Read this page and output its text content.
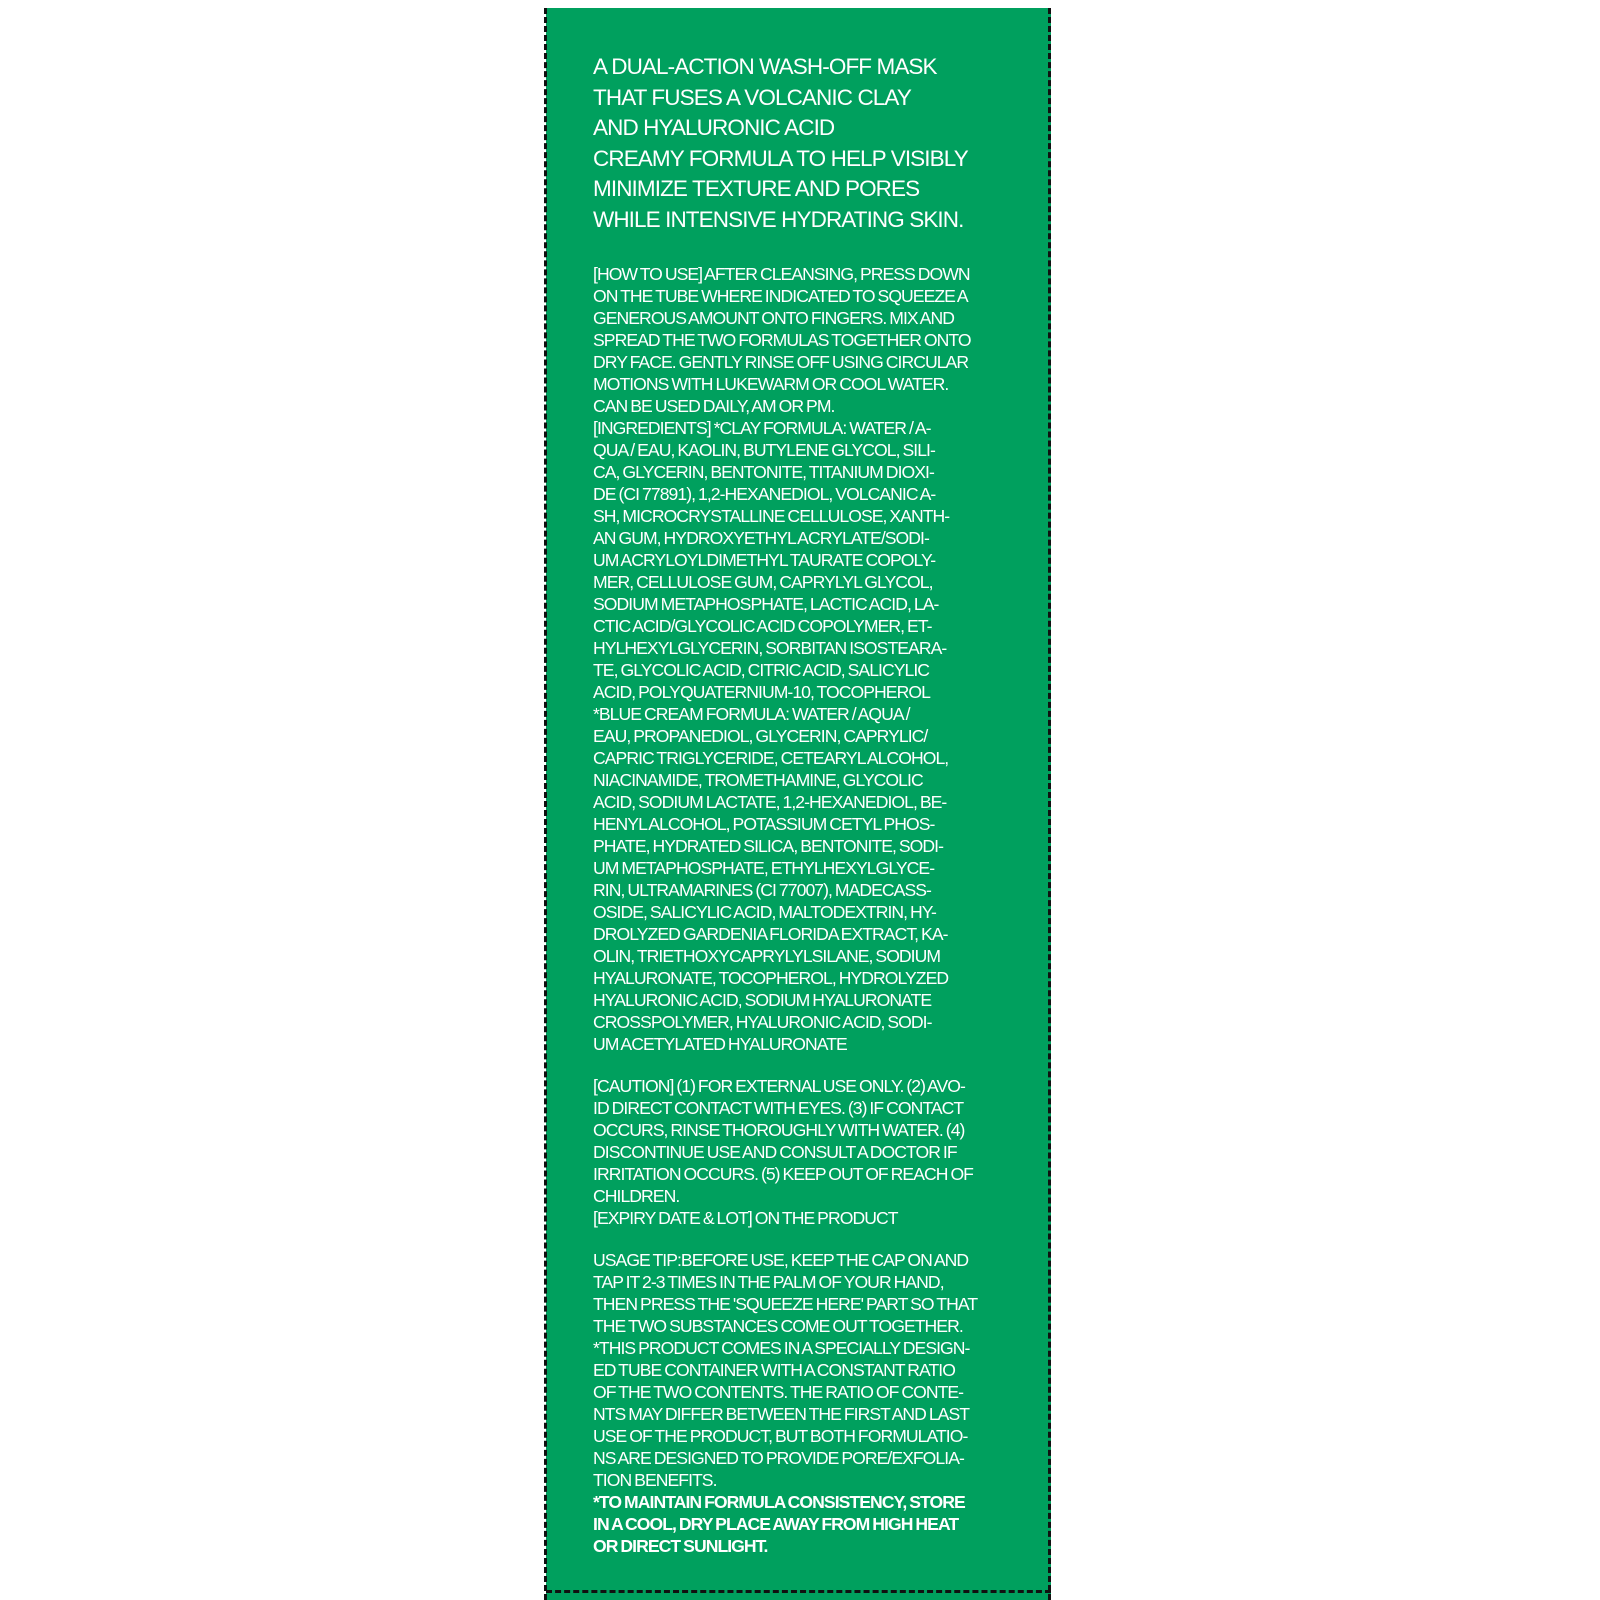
A DUAL-ACTION WASH-OFF MASK
THAT FUSES A VOLCANIC CLAY
AND HYALURONIC ACID
CREAMY FORMULA TO HELP VISIBLY
MINIMIZE TEXTURE AND PORES
WHILE INTENSIVE HYDRATING SKIN.

[HOW TO USE] AFTER CLEANSING, PRESS DOWN
ON THE TUBE WHERE INDICATED TO SQUEEZE A
GENEROUS AMOUNT ONTO FINGERS. MIX AND
SPREAD THE TWO FORMULAS TOGETHER ONTO
DRY FACE. GENTLY RINSE OFF USING CIRCULAR
MOTIONS WITH LUKEWARM OR COOL WATER.
CAN BE USED DAILY, AM OR PM.

[INGREDIENTS] *CLAY FORMULA: WATER / A-
QUA / EAU, KAOLIN, BUTYLENE GLYCOL, SILI-
CA, GLYCERIN, BENTONITE, TITANIUM DIOXI-
DE (CI 77891), 1,2-HEXANEDIOL, VOLCANIC A-
SH, MICROCRYSTALLINE CELLULOSE, XANTH-
AN GUM, HYDROXYETHYL ACRYLATE/SODI-
UM ACRYLOYLDIMETHYL TAURATE COPOLY-
MER, CELLULOSE GUM, CAPRYLYL GLYCOL,
SODIUM METAPHOSPHATE, LACTIC ACID, LA-
CTIC ACID/GLYCOLIC ACID COPOLYMER, ET-
HYLHEXYLGLYCERIN, SORBITAN ISOSTEARA-
TE, GLYCOLIC ACID, CITRIC ACID, SALICYLIC
ACID, POLYQUATERNIUM-10, TOCOPHEROL
*BLUE CREAM FORMULA: WATER / AQUA /
EAU, PROPANEDIOL, GLYCERIN, CAPRYLIC/
CAPRIC TRIGLYCERIDE, CETEARYL ALCOHOL,
NIACINAMIDE, TROMETHAMINE, GLYCOLIC
ACID, SODIUM LACTATE, 1,2-HEXANEDIOL, BE-
HENYL ALCOHOL, POTASSIUM CETYL PHOS-
PHATE, HYDRATED SILICA, BENTONITE, SODI-
UM METAPHOSPHATE, ETHYLHEXYLGLYCE-
RIN, ULTRAMARINES (CI 77007), MADECASS-
OSIDE, SALICYLIC ACID, MALTODEXTRIN, HY-
DROLYZED GARDENIA FLORIDA EXTRACT, KA-
OLIN, TRIETHOXYCAPRYLYLSILANE, SODIUM
HYALURONATE, TOCOPHEROL, HYDROLYZED
HYALURONIC ACID, SODIUM HYALURONATE
CROSSPOLYMER, HYALURONIC ACID, SODI-
UM ACETYLATED HYALURONATE

[CAUTION] (1) FOR EXTERNAL USE ONLY. (2) AVO-
ID DIRECT CONTACT WITH EYES. (3) IF CONTACT
OCCURS, RINSE THOROUGHLY WITH WATER. (4)
DISCONTINUE USE AND CONSULT A DOCTOR IF
IRRITATION OCCURS. (5) KEEP OUT OF REACH OF
CHILDREN.

[EXPIRY DATE & LOT] ON THE PRODUCT

USAGE TIP:BEFORE USE, KEEP THE CAP ON AND
TAP IT 2-3 TIMES IN THE PALM OF YOUR HAND,
THEN PRESS THE 'SQUEEZE HERE' PART SO THAT
THE TWO SUBSTANCES COME OUT TOGETHER.
*THIS PRODUCT COMES IN A SPECIALLY DESIGN-
ED TUBE CONTAINER WITH A CONSTANT RATIO
OF THE TWO CONTENTS. THE RATIO OF CONTE-
NTS MAY DIFFER BETWEEN THE FIRST AND LAST
USE OF THE PRODUCT, BUT BOTH FORMULATIO-
NS ARE DESIGNED TO PROVIDE PORE/EXFOLIA-
TION BENEFITS.

*TO MAINTAIN FORMULA CONSISTENCY, STORE
IN A COOL, DRY PLACE AWAY FROM HIGH HEAT
OR DIRECT SUNLIGHT.
